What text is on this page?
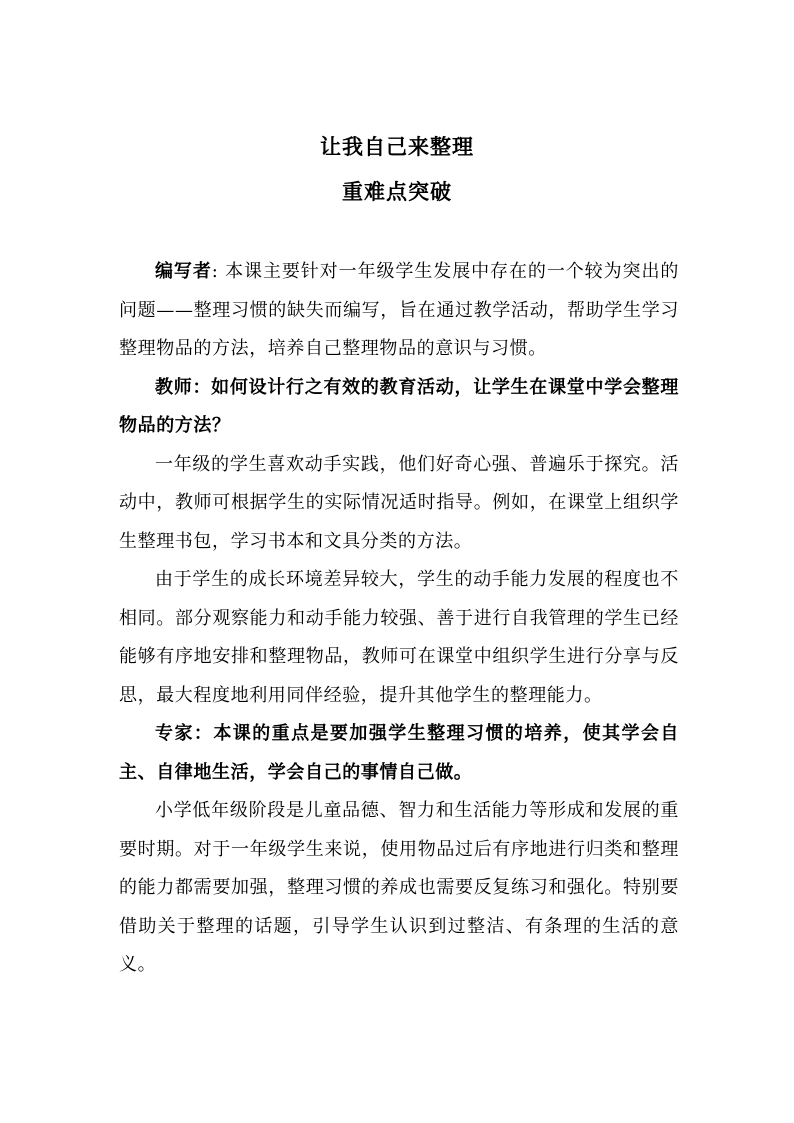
让我自己来整理
重难点突破

编写者: 本课主要针对一年级学生发展中存在的一个较为突出的问题——整理习惯的缺失而编写，旨在通过教学活动，帮助学生学习整理物品的方法，培养自己整理物品的意识与习惯。

教师：如何设计行之有效的教育活动，让学生在课堂中学会整理物品的方法？

一年级的学生喜欢动手实践，他们好奇心强、普遍乐于探究。活动中，教师可根据学生的实际情况适时指导。例如，在课堂上组织学生整理书包，学习书本和文具分类的方法。

由于学生的成长环境差异较大，学生的动手能力发展的程度也不相同。部分观察能力和动手能力较强、善于进行自我管理的学生已经能够有序地安排和整理物品，教师可在课堂中组织学生进行分享与反思，最大程度地利用同伴经验，提升其他学生的整理能力。

专家：本课的重点是要加强学生整理习惯的培养，使其学会自主、自律地生活，学会自己的事情自己做。

小学低年级阶段是儿童品德、智力和生活能力等形成和发展的重要时期。对于一年级学生来说，使用物品过后有序地进行归类和整理的能力都需要加强，整理习惯的养成也需要反复练习和强化。特别要借助关于整理的话题，引导学生认识到过整洁、有条理的生活的意义。
